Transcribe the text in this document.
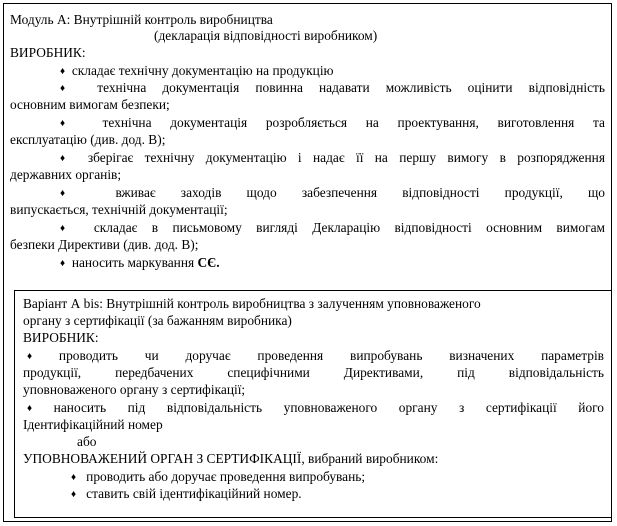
Модуль А: Внутрішній контроль виробництва
(декларація відповідності виробником)
ВИРОБНИК:
♦ складає технічну документацію на продукцію
♦ технічна документація повинна надавати можливість оцінити відповідність
основним вимогам безпеки;
♦	технічна документація розробляється на проектування, виготовлення та
експлуатацію (див. дод. В);
♦ зберігає технічну документацію і надає її на першу вимогу в розпорядження
державних органів;
♦	вживає заходів щодо забезпечення відповідності продукції, що
випускається, технічній документації;
♦ складає в письмовому вигляді Декларацію відповідності основним вимогам
безпеки Директиви (див. дод. В);
♦ наносить маркування СЄ.
Варіант А bis: Внутрішній контроль виробництва з залученням уповноваженого
органу з сертифікації (за бажанням виробника)
ВИРОБНИК:
♦ проводить чи доручає проведення випробувань визначених параметрів
продукції, передбачених специфічними Директивами, під відповідальність
уповноваженого органу з сертифікації;
♦ наносить під відповідальність уповноваженого органу з сертифікації його
Ідентифікаційний номер
або
УПОВНОВАЖЕНИЙ ОРГАН З СЕРТИФІКАЦІЇ, вибраний виробником:
♦ проводить або доручає проведення випробувань;
♦ ставить свій ідентифікаційний номер.
